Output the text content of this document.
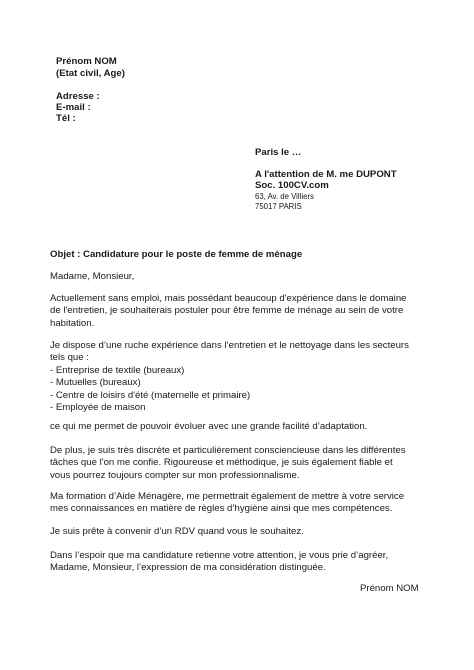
Prénom NOM
(Etat civil, Age)
Adresse :
E-mail :
Tél :
Paris le …
A l'attention de M. me DUPONT
Soc. 100CV.com
63, Av. de Villiers
75017 PARIS
Objet : Candidature pour le poste de femme de ménage
Madame, Monsieur,
Actuellement sans emploi, mais possédant beaucoup d'expérience dans le domaine
de l'entretien, je souhaiterais postuler pour être femme de ménage au sein de votre
habitation.
Je dispose d’une ruche expérience dans l’entretien et le nettoyage dans les secteurs
tels que :
- Entreprise de textile (bureaux)
- Mutuelles (bureaux)
- Centre de loisirs d'été (maternelle et primaire)
- Employée de maison
ce qui me permet de pouvoir évoluer avec une grande facilité d’adaptation.
De plus, je suis très discrète et particulièrement consciencieuse dans les différentes
tâches que l'on me confie. Rigoureuse et méthodique, je suis également fiable et
vous pourrez toujours compter sur mon professionnalisme.
Ma formation d’Aide Ménagère, me permettrait également de mettre à votre service
mes connaissances en matière de règles d’hygiène ainsi que mes compétences.
Je suis prête à convenir d’un RDV quand vous le souhaitez.
Dans l’espoir que ma candidature retienne votre attention, je vous prie d’agréer,
Madame, Monsieur, l’expression de ma considération distinguée.
Prénom NOM
